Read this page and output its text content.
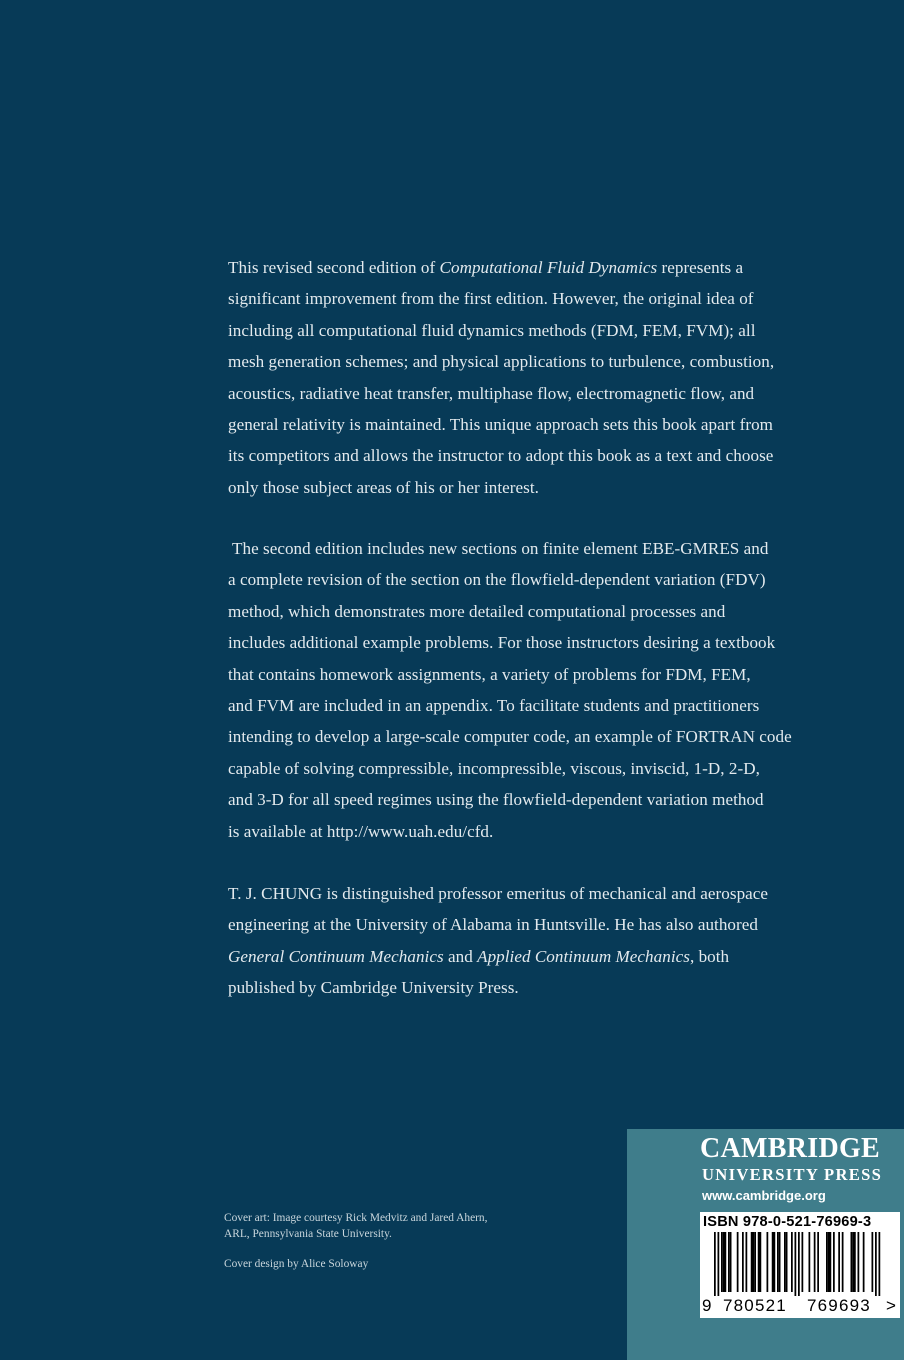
This revised second edition of Computational Fluid Dynamics represents a
significant improvement from the first edition. However, the original idea of
including all computational fluid dynamics methods (FDM, FEM, FVM); all
mesh generation schemes; and physical applications to turbulence, combustion,
acoustics, radiative heat transfer, multiphase flow, electromagnetic flow, and
general relativity is maintained. This unique approach sets this book apart from
its competitors and allows the instructor to adopt this book as a text and choose
only those subject areas of his or her interest.
The second edition includes new sections on finite element EBE-GMRES and
a complete revision of the section on the flowfield-dependent variation (FDV)
method, which demonstrates more detailed computational processes and
includes additional example problems. For those instructors desiring a textbook
that contains homework assignments, a variety of problems for FDM, FEM,
and FVM are included in an appendix. To facilitate students and practitioners
intending to develop a large-scale computer code, an example of FORTRAN code
capable of solving compressible, incompressible, viscous, inviscid, 1-D, 2-D,
and 3-D for all speed regimes using the flowfield-dependent variation method
is available at http://www.uah.edu/cfd.
T. J. CHUNG is distinguished professor emeritus of mechanical and aerospace
engineering at the University of Alabama in Huntsville. He has also authored
General Continuum Mechanics and Applied Continuum Mechanics, both
published by Cambridge University Press.
Cover art: Image courtesy Rick Medvitz and Jared Ahern,
ARL, Pennsylvania State University.
Cover design by Alice Soloway
CAMBRIDGE
UNIVERSITY PRESS
www.cambridge.org
ISBN 978-0-521-76969-3
9 780521 769693 >
